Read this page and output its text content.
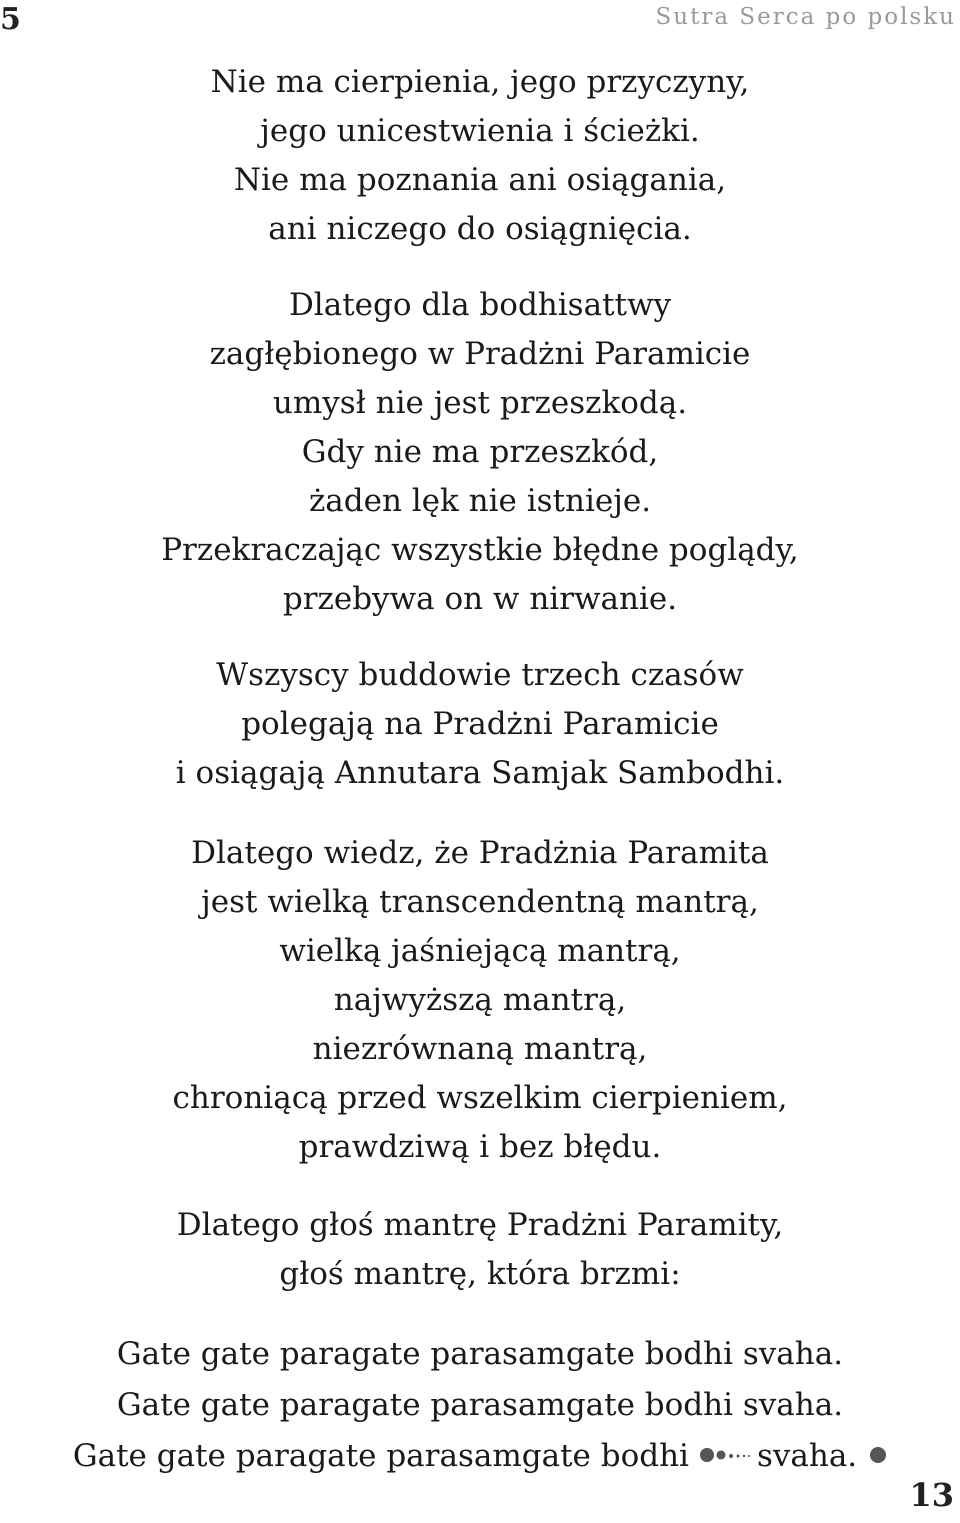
5	Sutra Serca po polsku
Nie ma cierpienia, jego przyczyny,
jego unicestwienia i ścieżki.
Nie ma poznania ani osiągania,
ani niczego do osiągnięcia.
Dlatego dla bodhisattwy
zagłębionego w Pradżni Paramicie
umysł nie jest przeszkodą.
Gdy nie ma przeszkód,
żaden lęk nie istnieje.
Przekraczając wszystkie błędne poglądy,
przebywa on w nirwanie.
Wszyscy buddowie trzech czasów
polegają na Pradżni Paramicie
i osiągają Annutara Samjak Sambodhi.
Dlatego wiedz, że Pradżnia Paramita
jest wielką transcendentną mantrą,
wielką jaśniejącą mantrą,
najwyższą mantrą,
niezrównaną mantrą,
chroniącą przed wszelkim cierpieniem,
prawdziwą i bez błędu.
Dlatego głoś mantrę Pradżni Paramity,
głoś mantrę, która brzmi:
Gate gate paragate parasamgate bodhi svaha.
Gate gate paragate parasamgate bodhi svaha.
Gate gate paragate parasamgate bodhi svaha.
13
